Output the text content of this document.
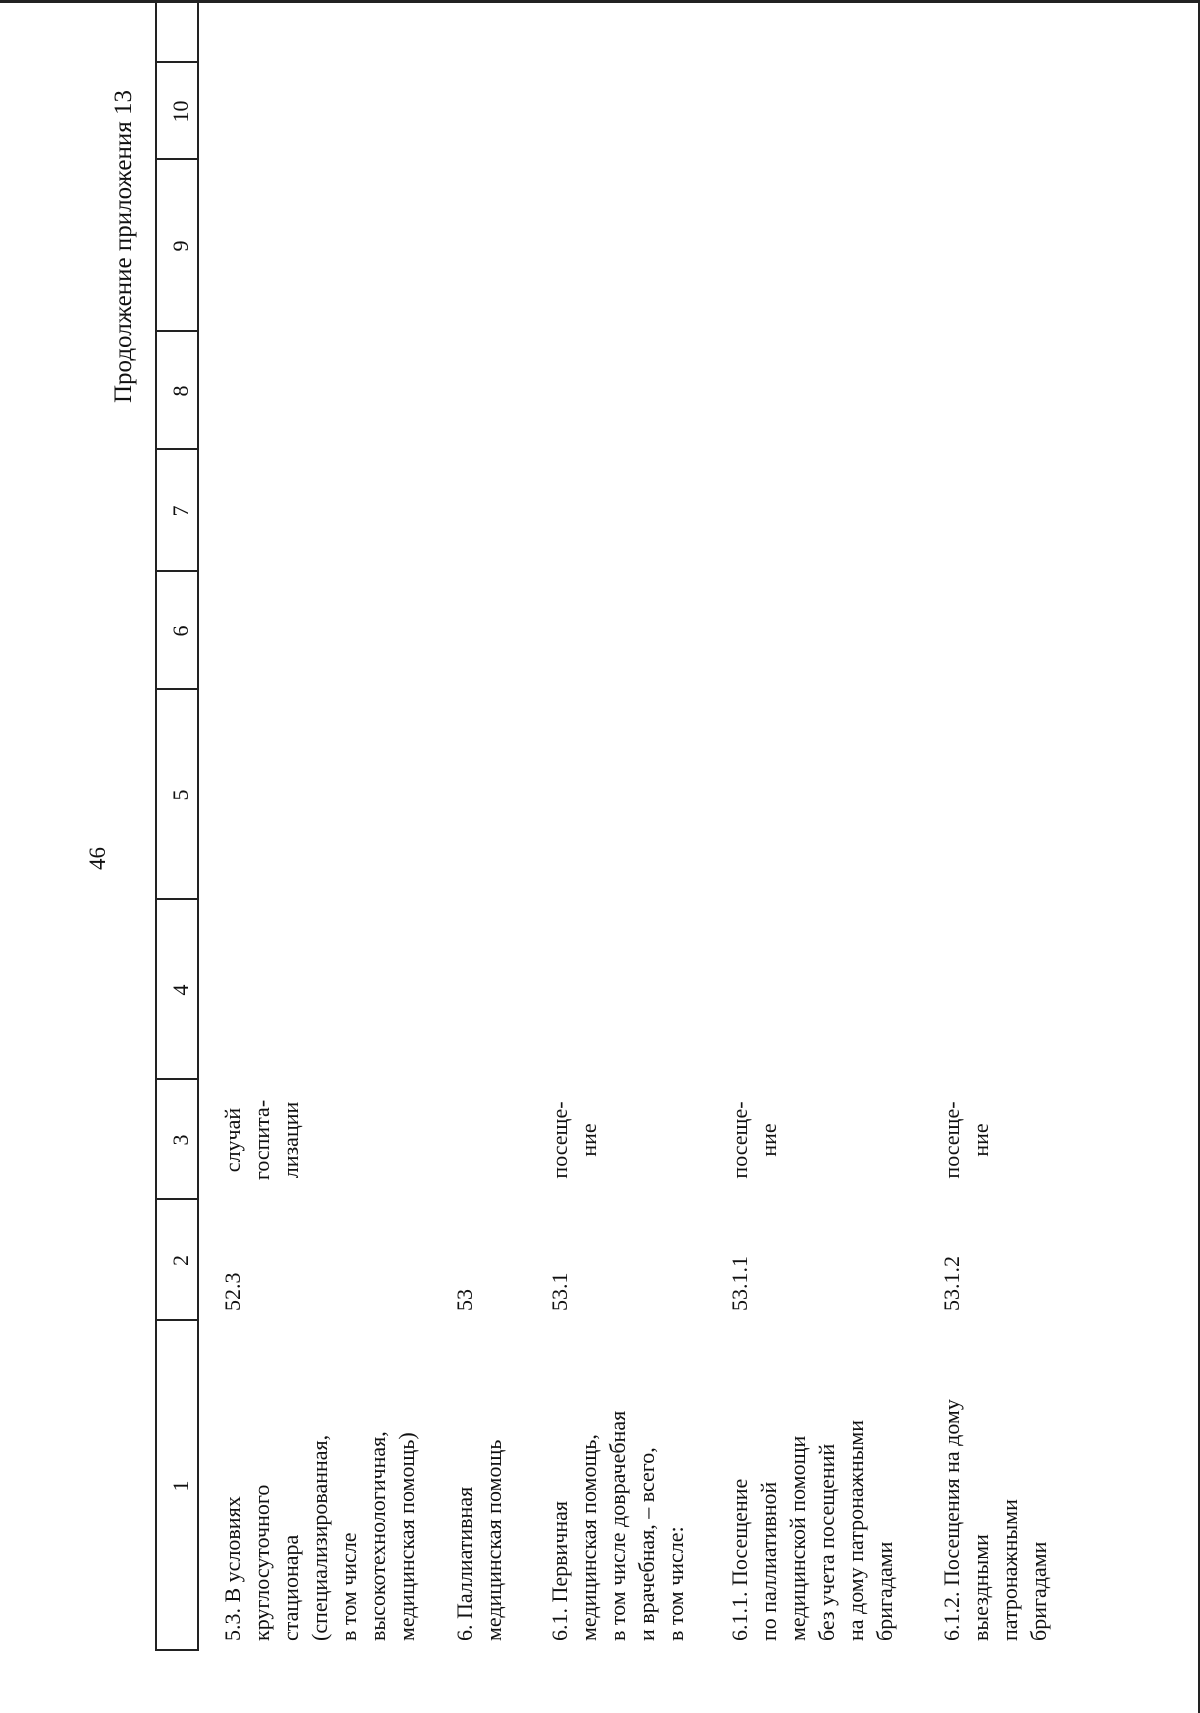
46
Продолжение приложения 13
1
2
3
4
5
6
7
8
9
10
5.3. В условиях
круглосуточного
стационара
(специализированная,
в том числе
высокотехнологичная,
медицинская помощь)
52.3
случай
госпита-
лизации
6. Паллиативная
медицинская помощь
53
6.1. Первичная
медицинская помощь,
в том числе доврачебная
и врачебная, – всего,
в том числе:
53.1
посеще-
ние
6.1.1. Посещение
по паллиативной
медицинской помощи
без учета посещений
на дому патронажными
бригадами
53.1.1
посеще-
ние
6.1.2. Посещения на дому
выездными
патронажными
бригадами
53.1.2
посеще-
ние
